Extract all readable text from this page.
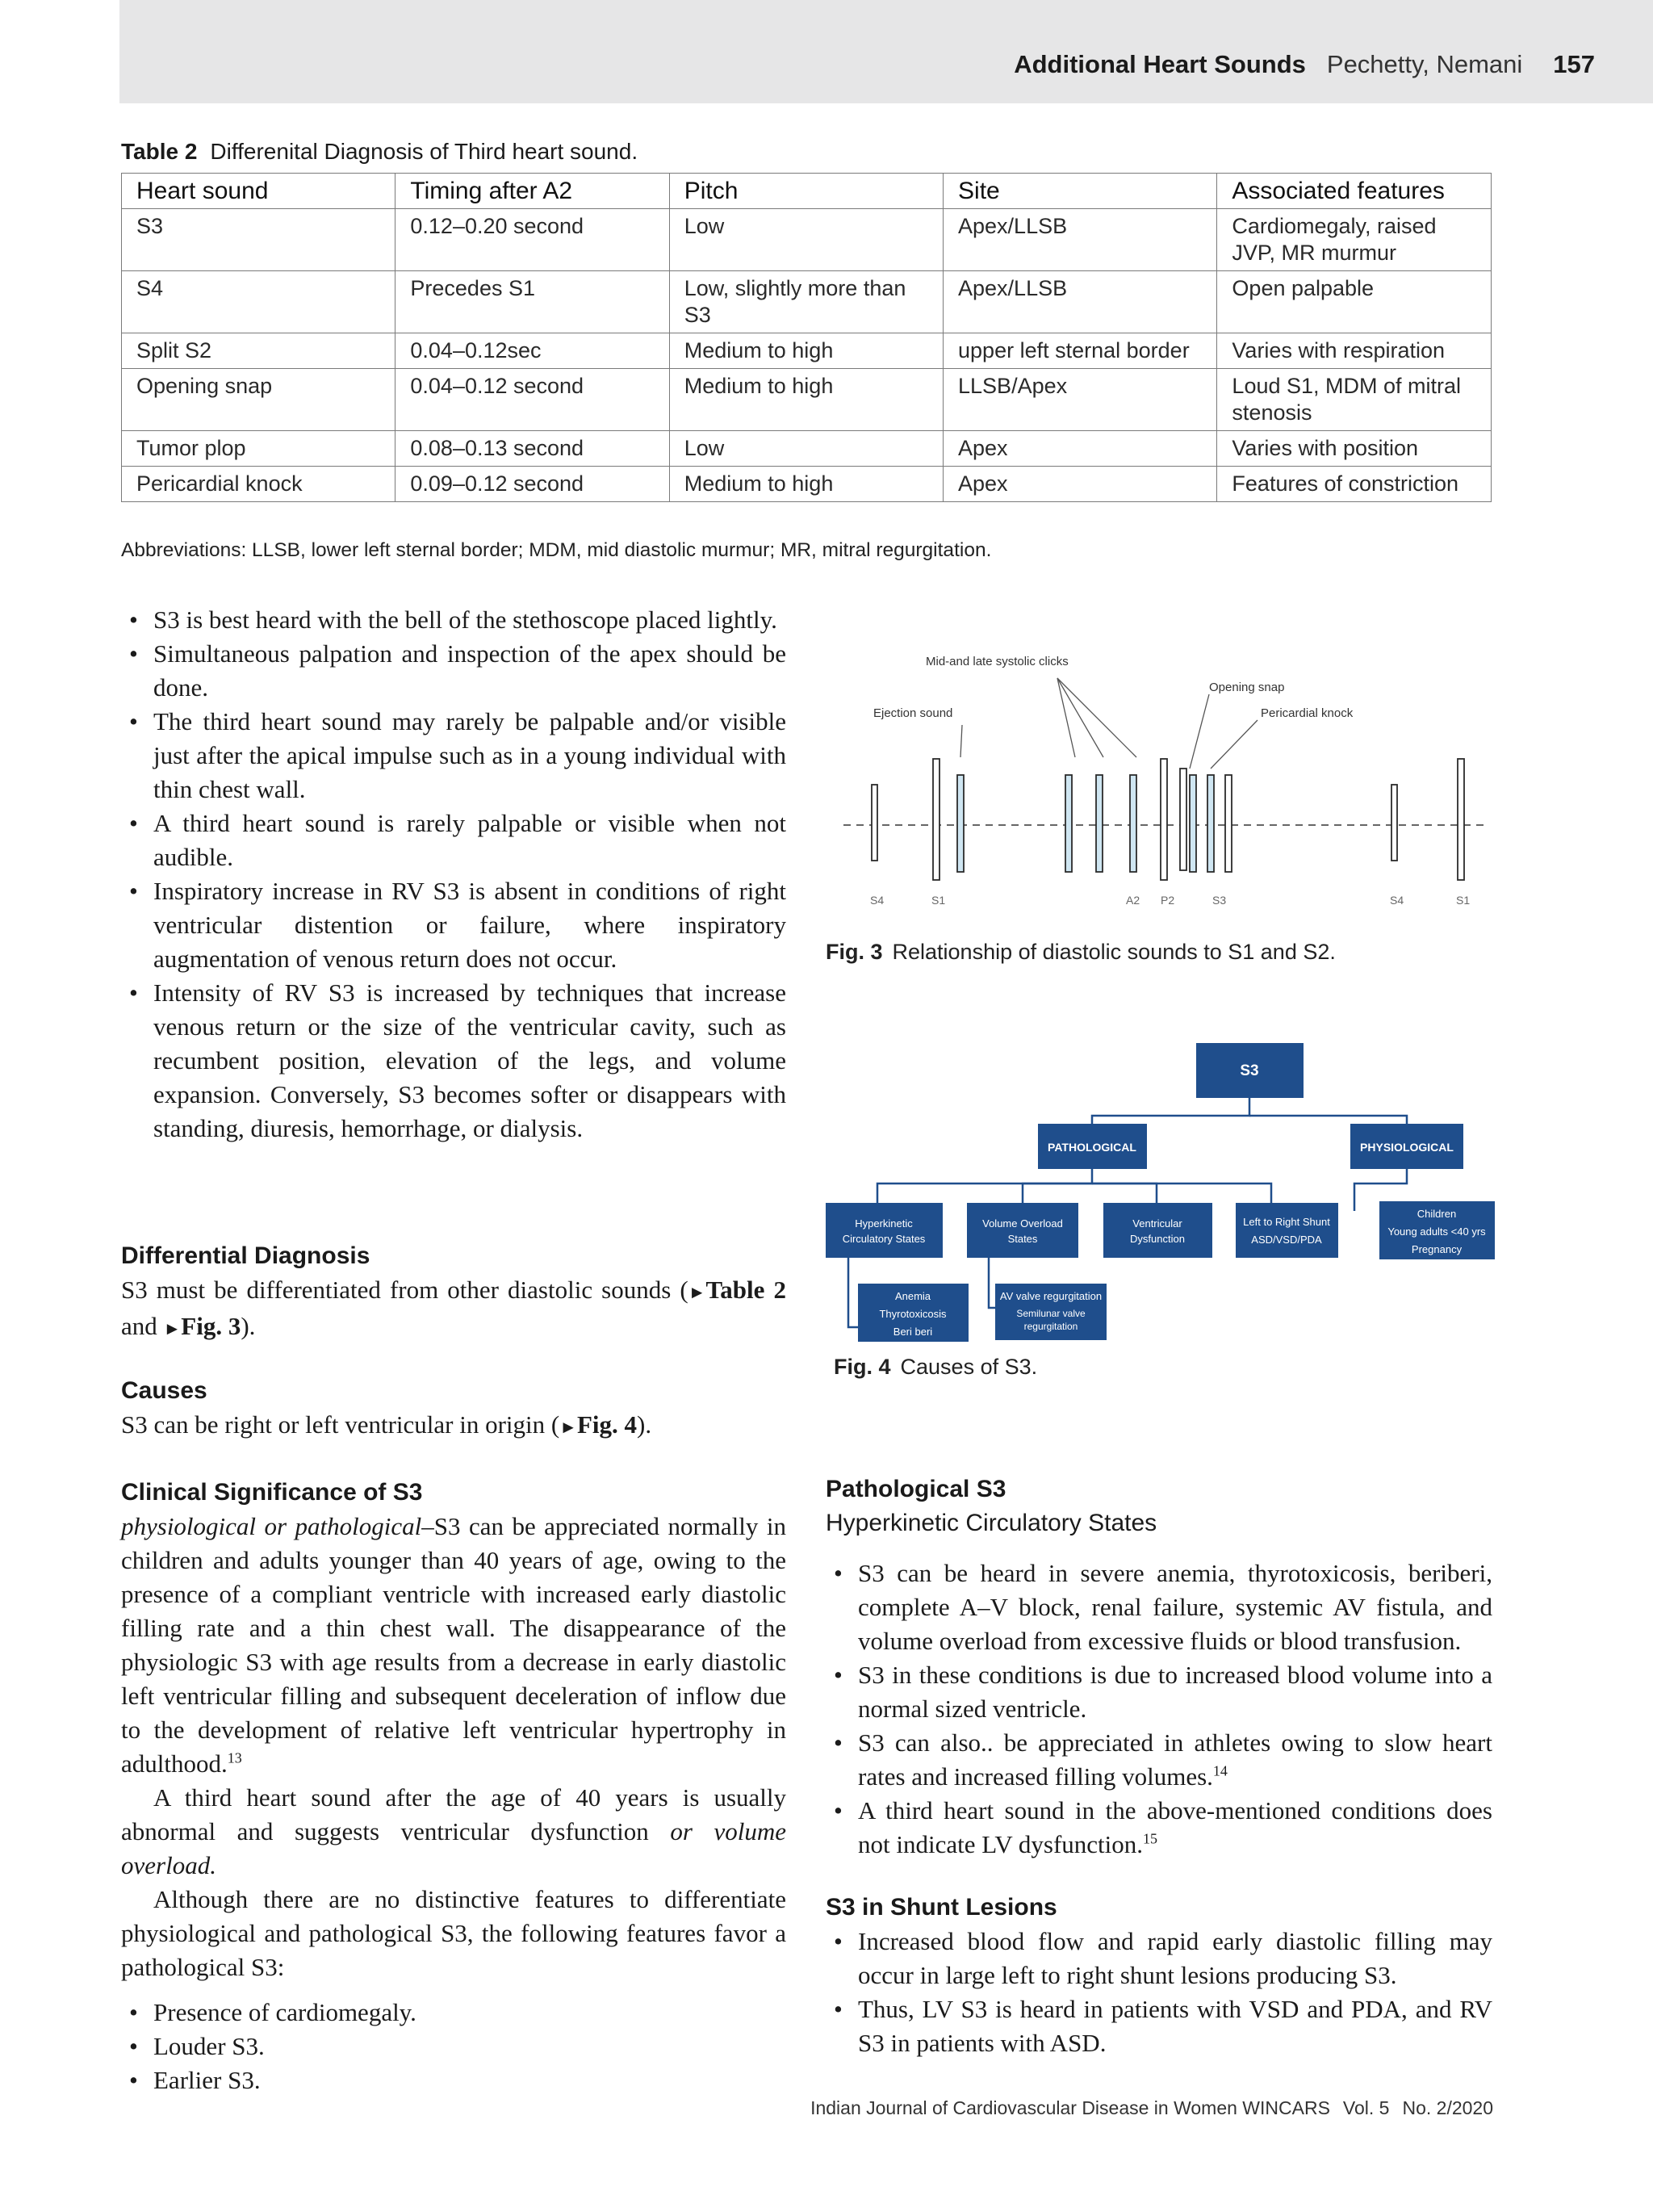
Additional Heart Sounds Pechetty, Nemani 157
Table 2 Differenital Diagnosis of Third heart sound.
Heart sound	Timing after A2	Pitch	Site	Associated features
S3	0.12–0.20 second	Low	Apex/LLSB	Cardiomegaly, raised JVP, MR murmur
S4	Precedes S1	Low, slightly more than S3	Apex/LLSB	Open palpable
Split S2	0.04–0.12sec	Medium to high	upper left sternal border	Varies with respiration
Opening snap	0.04–0.12 second	Medium to high	LLSB/Apex	Loud S1, MDM of mitral stenosis
Tumor plop	0.08–0.13 second	Low	Apex	Varies with position
Pericardial knock	0.09–0.12 second	Medium to high	Apex	Features of constriction
Abbreviations: LLSB, lower left sternal border; MDM, mid diastolic murmur; MR, mitral regurgitation.
• S3 is best heard with the bell of the stethoscope placed lightly.
• Simultaneous palpation and inspection of the apex should be done.
• The third heart sound may rarely be palpable and/or visible just after the apical impulse such as in a young individual with thin chest wall.
• A third heart sound is rarely palpable or visible when not audible.
• Inspiratory increase in RV S3 is absent in conditions of right ventricular distention or failure, where inspiratory augmentation of venous return does not occur.
• Intensity of RV S3 is increased by techniques that increase venous return or the size of the ventricular cavity, such as recumbent position, elevation of the legs, and volume expansion. Conversely, S3 becomes softer or disappears with standing, diuresis, hemorrhage, or dialysis.
Differential Diagnosis

S3 must be differentiated from other diastolic sounds (►Table 2 and ►Fig. 3).

Causes

S3 can be right or left ventricular in origin (►Fig. 4).

Clinical Significance of S3

physiological or pathological–S3 can be appreciated normally in children and adults younger than 40 years of age, owing to the presence of a compliant ventricle with increased early diastolic filling rate and a thin chest wall. The disappearance of the physiologic S3 with age results from a decrease in early diastolic left ventricular filling and subsequent deceleration of inflow due to the development of relative left ventricular hypertrophy in adulthood.$^{13}$

A third heart sound after the age of 40 years is usually abnormal and suggests ventricular dysfunction or volume overload.

Although there are no distinctive features to differentiate physiological and pathological S3, the following features favor a pathological S3:

• Presence of cardiomegaly.
• Louder S3.
• Earlier S3.
Mid-and late systolic clicks
Ejection sound
Opening snap
Pericardial knock
S4	S1	A2 P2	S3	S4	S1
Fig. 3 Relationship of diastolic sounds to S1 and S2.
S3
PATHOLOGICAL	PHYSIOLOGICAL
Hyperkinetic
Circulatory States
Volume Overload
States
Ventricular
Dysfunction
Left to Right Shunt
ASD/VSD/PDA
Children
Young adults <40 yrs
Pregnancy
Anemia
Thyrotoxicosis
Beri beri
AV valve regurgitation
Semilunar valve
regurgitation
Fig. 4 Causes of S3.
Pathological S3
Hyperkinetic Circulatory States
• S3 can be heard in severe anemia, thyrotoxicosis, beriberi, complete A–V block, renal failure, systemic AV fistula, and volume overload from excessive fluids or blood transfusion.
• S3 in these conditions is due to increased blood volume into a normal sized ventricle.
• S3 can also.. be appreciated in athletes owing to slow heart rates and increased filling volumes.$^{14}$
• A third heart sound in the above-mentioned conditions does not indicate LV dysfunction.$^{15}$
S3 in Shunt Lesions
• Increased blood flow and rapid early diastolic filling may occur in large left to right shunt lesions producing S3.
• Thus, LV S3 is heard in patients with VSD and PDA, and RV S3 in patients with ASD.
Indian Journal of Cardiovascular Disease in Women WINCARS Vol. 5 No. 2/2020
